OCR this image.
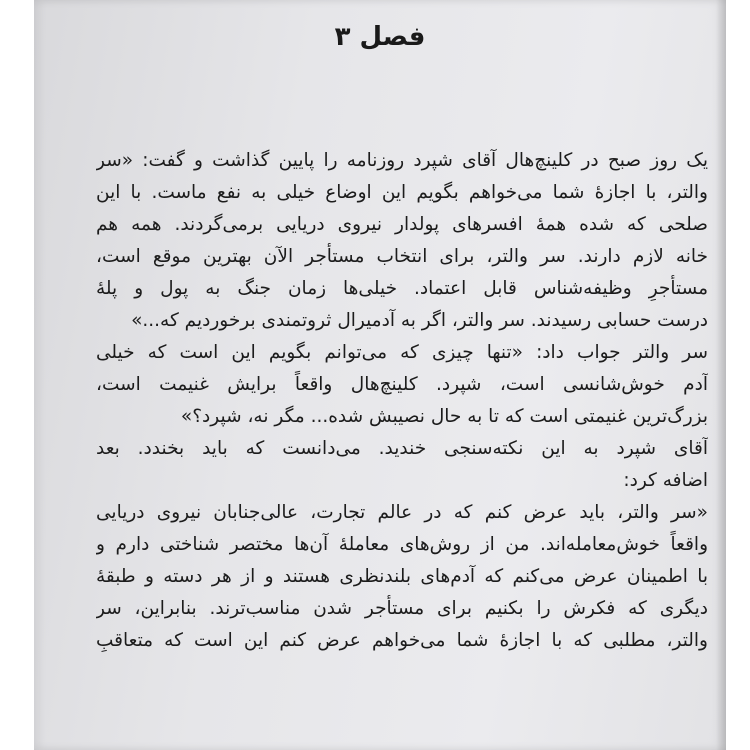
فصل ۳
یک روز صبح در کلینچ‌هال آقای شپرد روزنامه را پایین گذاشت و گفت: «سر
والتر، با اجازهٔ شما می‌خواهم بگویم این اوضاع خیلی به نفع ماست. با این
صلحی که شده همهٔ افسرهای پولدار نیروی دریایی برمی‌گردند. همه هم
خانه لازم دارند. سر والتر، برای انتخاب مستأجر الآن بهترین موقع است،
مستأجرِ وظیفه‌شناس قابل اعتماد. خیلی‌ها زمان جنگ به پول و پلهٔ
درست حسابی رسیدند. سر والتر، اگر به آدمیرال ثروتمندی برخوردیم که...»
سر والتر جواب داد: «تنها چیزی که می‌توانم بگویم این است که خیلی
آدم خوش‌شانسی است، شپرد. کلینچ‌هال واقعاً برایش غنیمت است،
بزرگ‌ترین غنیمتی است که تا به حال نصیبش شده... مگر نه، شپرد؟»
آقای شپرد به این نکته‌سنجی خندید. می‌دانست که باید بخندد. بعد
اضافه کرد:
«سر والتر، باید عرض کنم که در عالم تجارت، عالی‌جنابان نیروی دریایی
واقعاً خوش‌معامله‌اند. من از روش‌های معاملهٔ آن‌ها مختصر شناختی دارم و
با اطمینان عرض می‌کنم که آدم‌های بلندنظری هستند و از هر دسته و طبقهٔ
دیگری که فکرش را بکنیم برای مستأجر شدن مناسب‌ترند. بنابراین، سر
والتر، مطلبی که با اجازهٔ شما می‌خواهم عرض کنم این است که متعاقبِ
